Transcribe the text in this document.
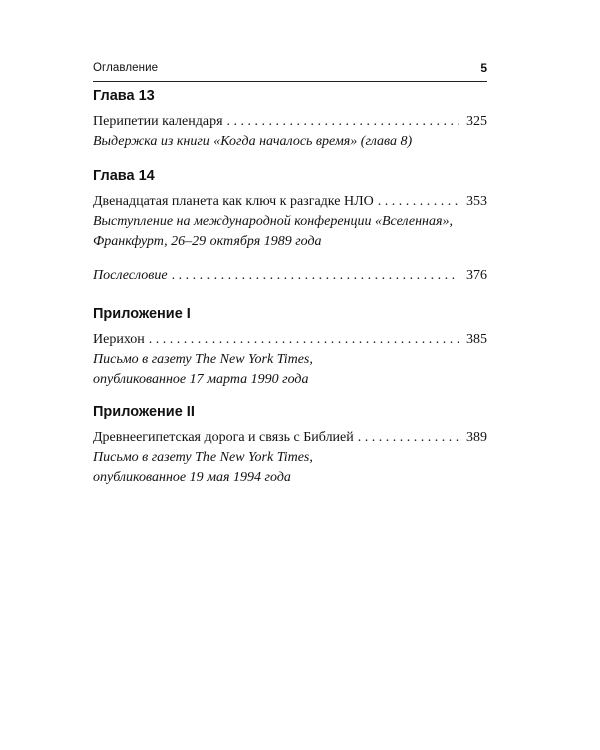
Оглавление	5
Глава 13
Перипетии календаря . . .	325
Выдержка из книги «Когда началось время» (глава 8)
Глава 14
Двенадцатая планета как ключ к разгадке НЛО . . .	353
Выступление на международной конференции «Вселенная»,
Франкфурт, 26–29 октября 1989 года
Послесловие . . .	376
Приложение I
Иерихон . . .	385
Письмо в газету The New York Times,
опубликованное 17 марта 1990 года
Приложение II
Древнеегипетская дорога и связь с Библией . . .	389
Письмо в газету The New York Times,
опубликованное 19 мая 1994 года
